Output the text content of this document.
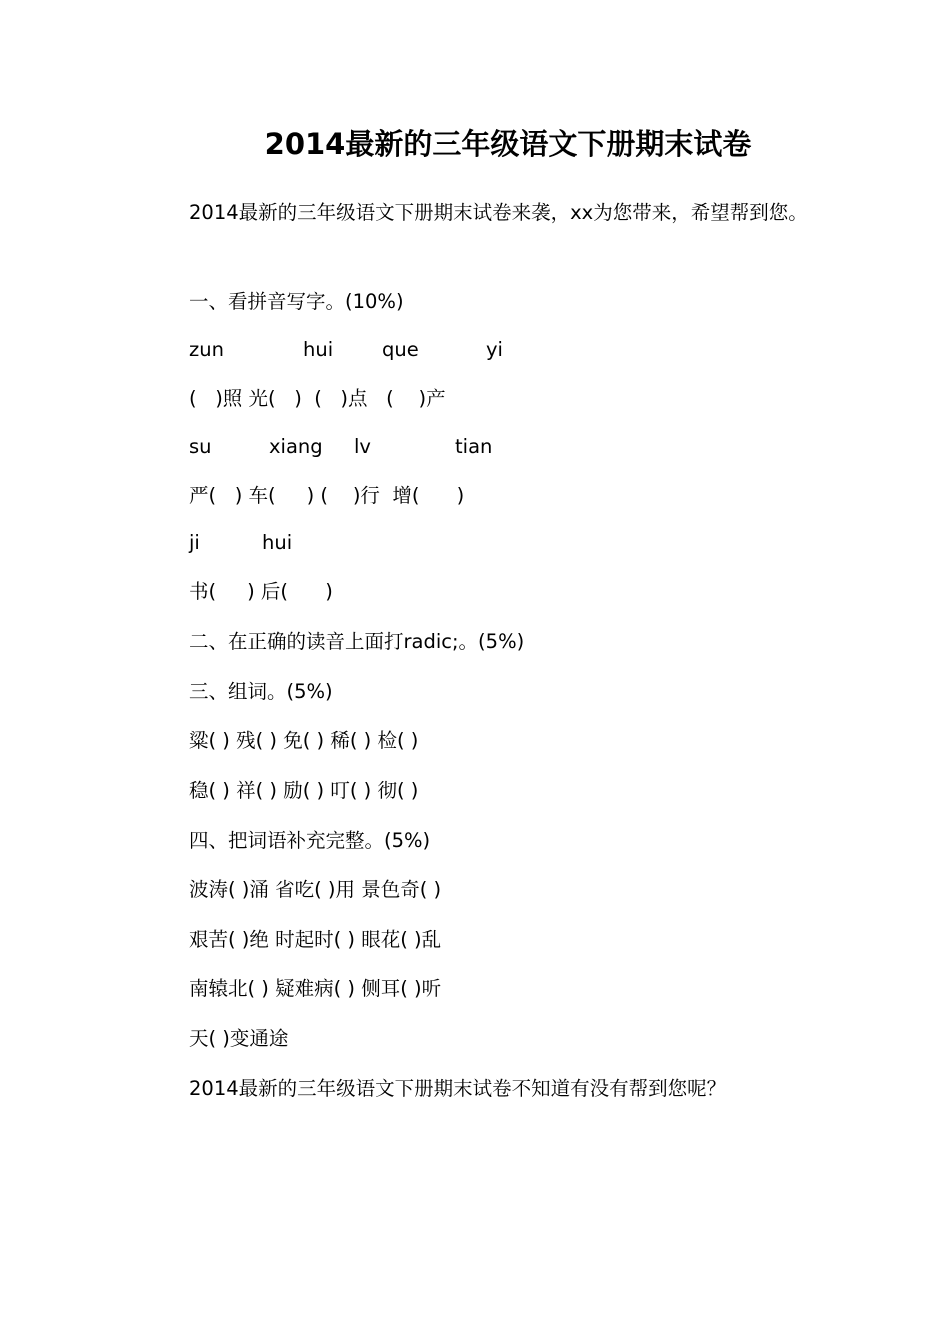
2014最新的三年级语文下册期末试卷
2014最新的三年级语文下册期末试卷来袭，xx为您带来，希望帮到您。
一、看拼音写字。(10%)

zun

	hui

	que

	yi

(   )照 光(   )  (   )点   (    )产

su

	xiang

lv

	tian

严(   ) 车(     ) (    )行  增(      )

ji

	hui

书(     ) 后(      )
二、在正确的读音上面打radic;。(5%)
三、组词。(5%)
粱( ) 残( ) 免( ) 稀( ) 检( )
稳( ) 祥( ) 励( ) 叮( ) 彻( )
四、把词语补充完整。(5%)
波涛( )涌 省吃( )用 景色奇( )
艰苦( )绝 时起时( ) 眼花( )乱
南辕北( ) 疑难病( ) 侧耳( )听
天( )变通途
2014最新的三年级语文下册期末试卷不知道有没有帮到您呢？
